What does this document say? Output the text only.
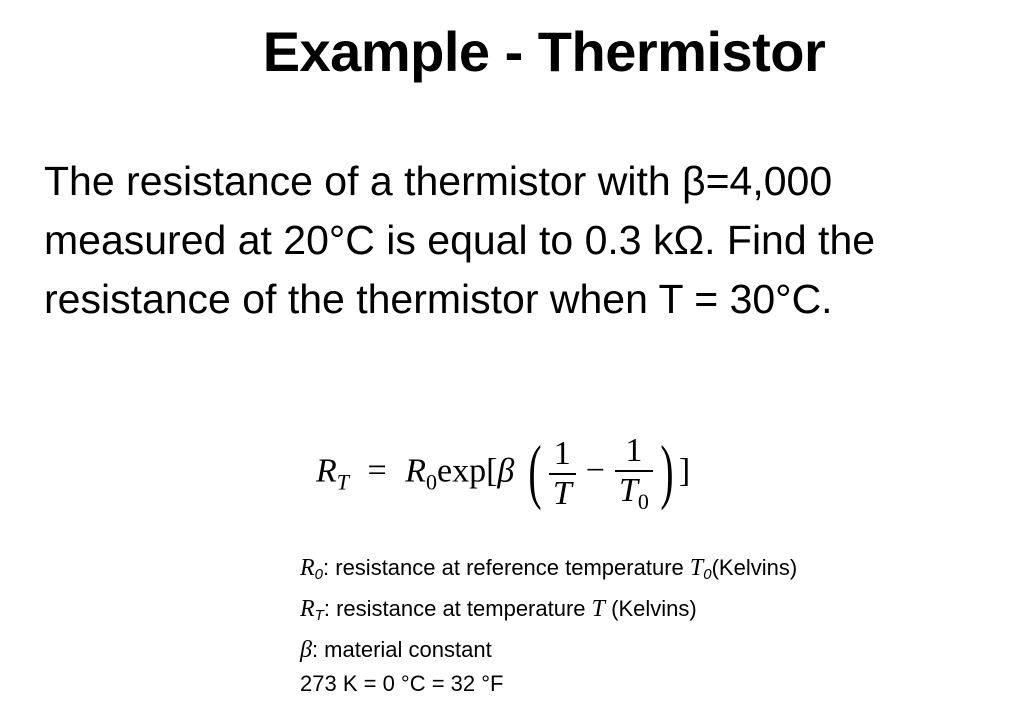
Example - Thermistor
The resistance of a thermistor with β=4,000
measured at 20°C is equal to 0.3 kΩ. Find the
resistance of the thermistor when T = 30°C.
$R_T = R_0\exp[\beta$ ( $\frac{1}{T} - \frac{1}{T_0}$ ) ]
$R_0$: resistance at reference temperature $T_0(Kelvins)$
$R_T$: resistance at temperature T (Kelvins)
β: material constant
273 K = 0 °C = 32 °F
